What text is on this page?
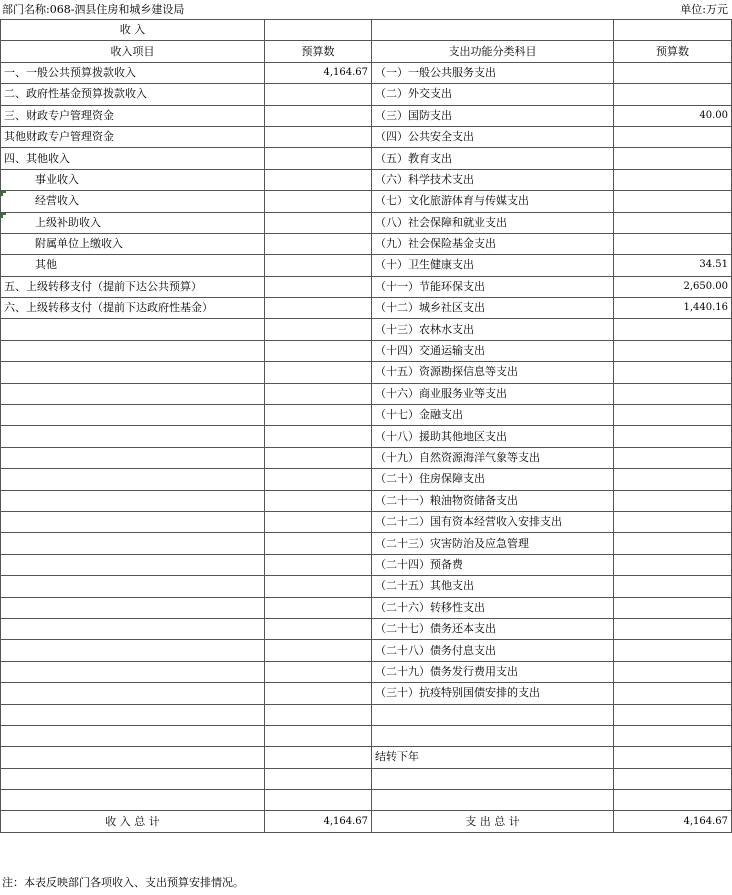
部门名称:068-泗县住房和城乡建设局	单位:万元
收 入			
收入项目	预算数	支出功能分类科目	预算数
一、一般公共预算拨款收入	4,164.67	（一）一般公共服务支出	
二、政府性基金预算拨款收入		（二）外交支出	
三、财政专户管理资金		（三）国防支出	40.00
其他财政专户管理资金		（四）公共安全支出	
四、其他收入		（五）教育支出	
事业收入		（六）科学技术支出	
经营收入		（七）文化旅游体育与传媒支出	
上级补助收入		（八）社会保障和就业支出	
附属单位上缴收入		（九）社会保险基金支出	
其他		（十）卫生健康支出	34.51
五、上级转移支付（提前下达公共预算）		（十一）节能环保支出	2,650.00
六、上级转移支付（提前下达政府性基金）		（十二）城乡社区支出	1,440.16
		（十三）农林水支出	
		（十四）交通运输支出	
		（十五）资源勘探信息等支出	
		（十六）商业服务业等支出	
		（十七）金融支出	
		（十八）援助其他地区支出	
		（十九）自然资源海洋气象等支出	
		（二十）住房保障支出	
		（二十一）粮油物资储备支出	
		（二十二）国有资本经营收入安排支出	
		（二十三）灾害防治及应急管理	
		（二十四）预备费	
		（二十五）其他支出	
		（二十六）转移性支出	
		（二十七）债务还本支出	
		（二十八）债务付息支出	
		（二十九）债务发行费用支出	
		（三十）抗疫特别国债安排的支出	

		结转下年	

收 入 总 计	4,164.67	支 出 总 计	4,164.67
注：本表反映部门各项收入、支出预算安排情况。
